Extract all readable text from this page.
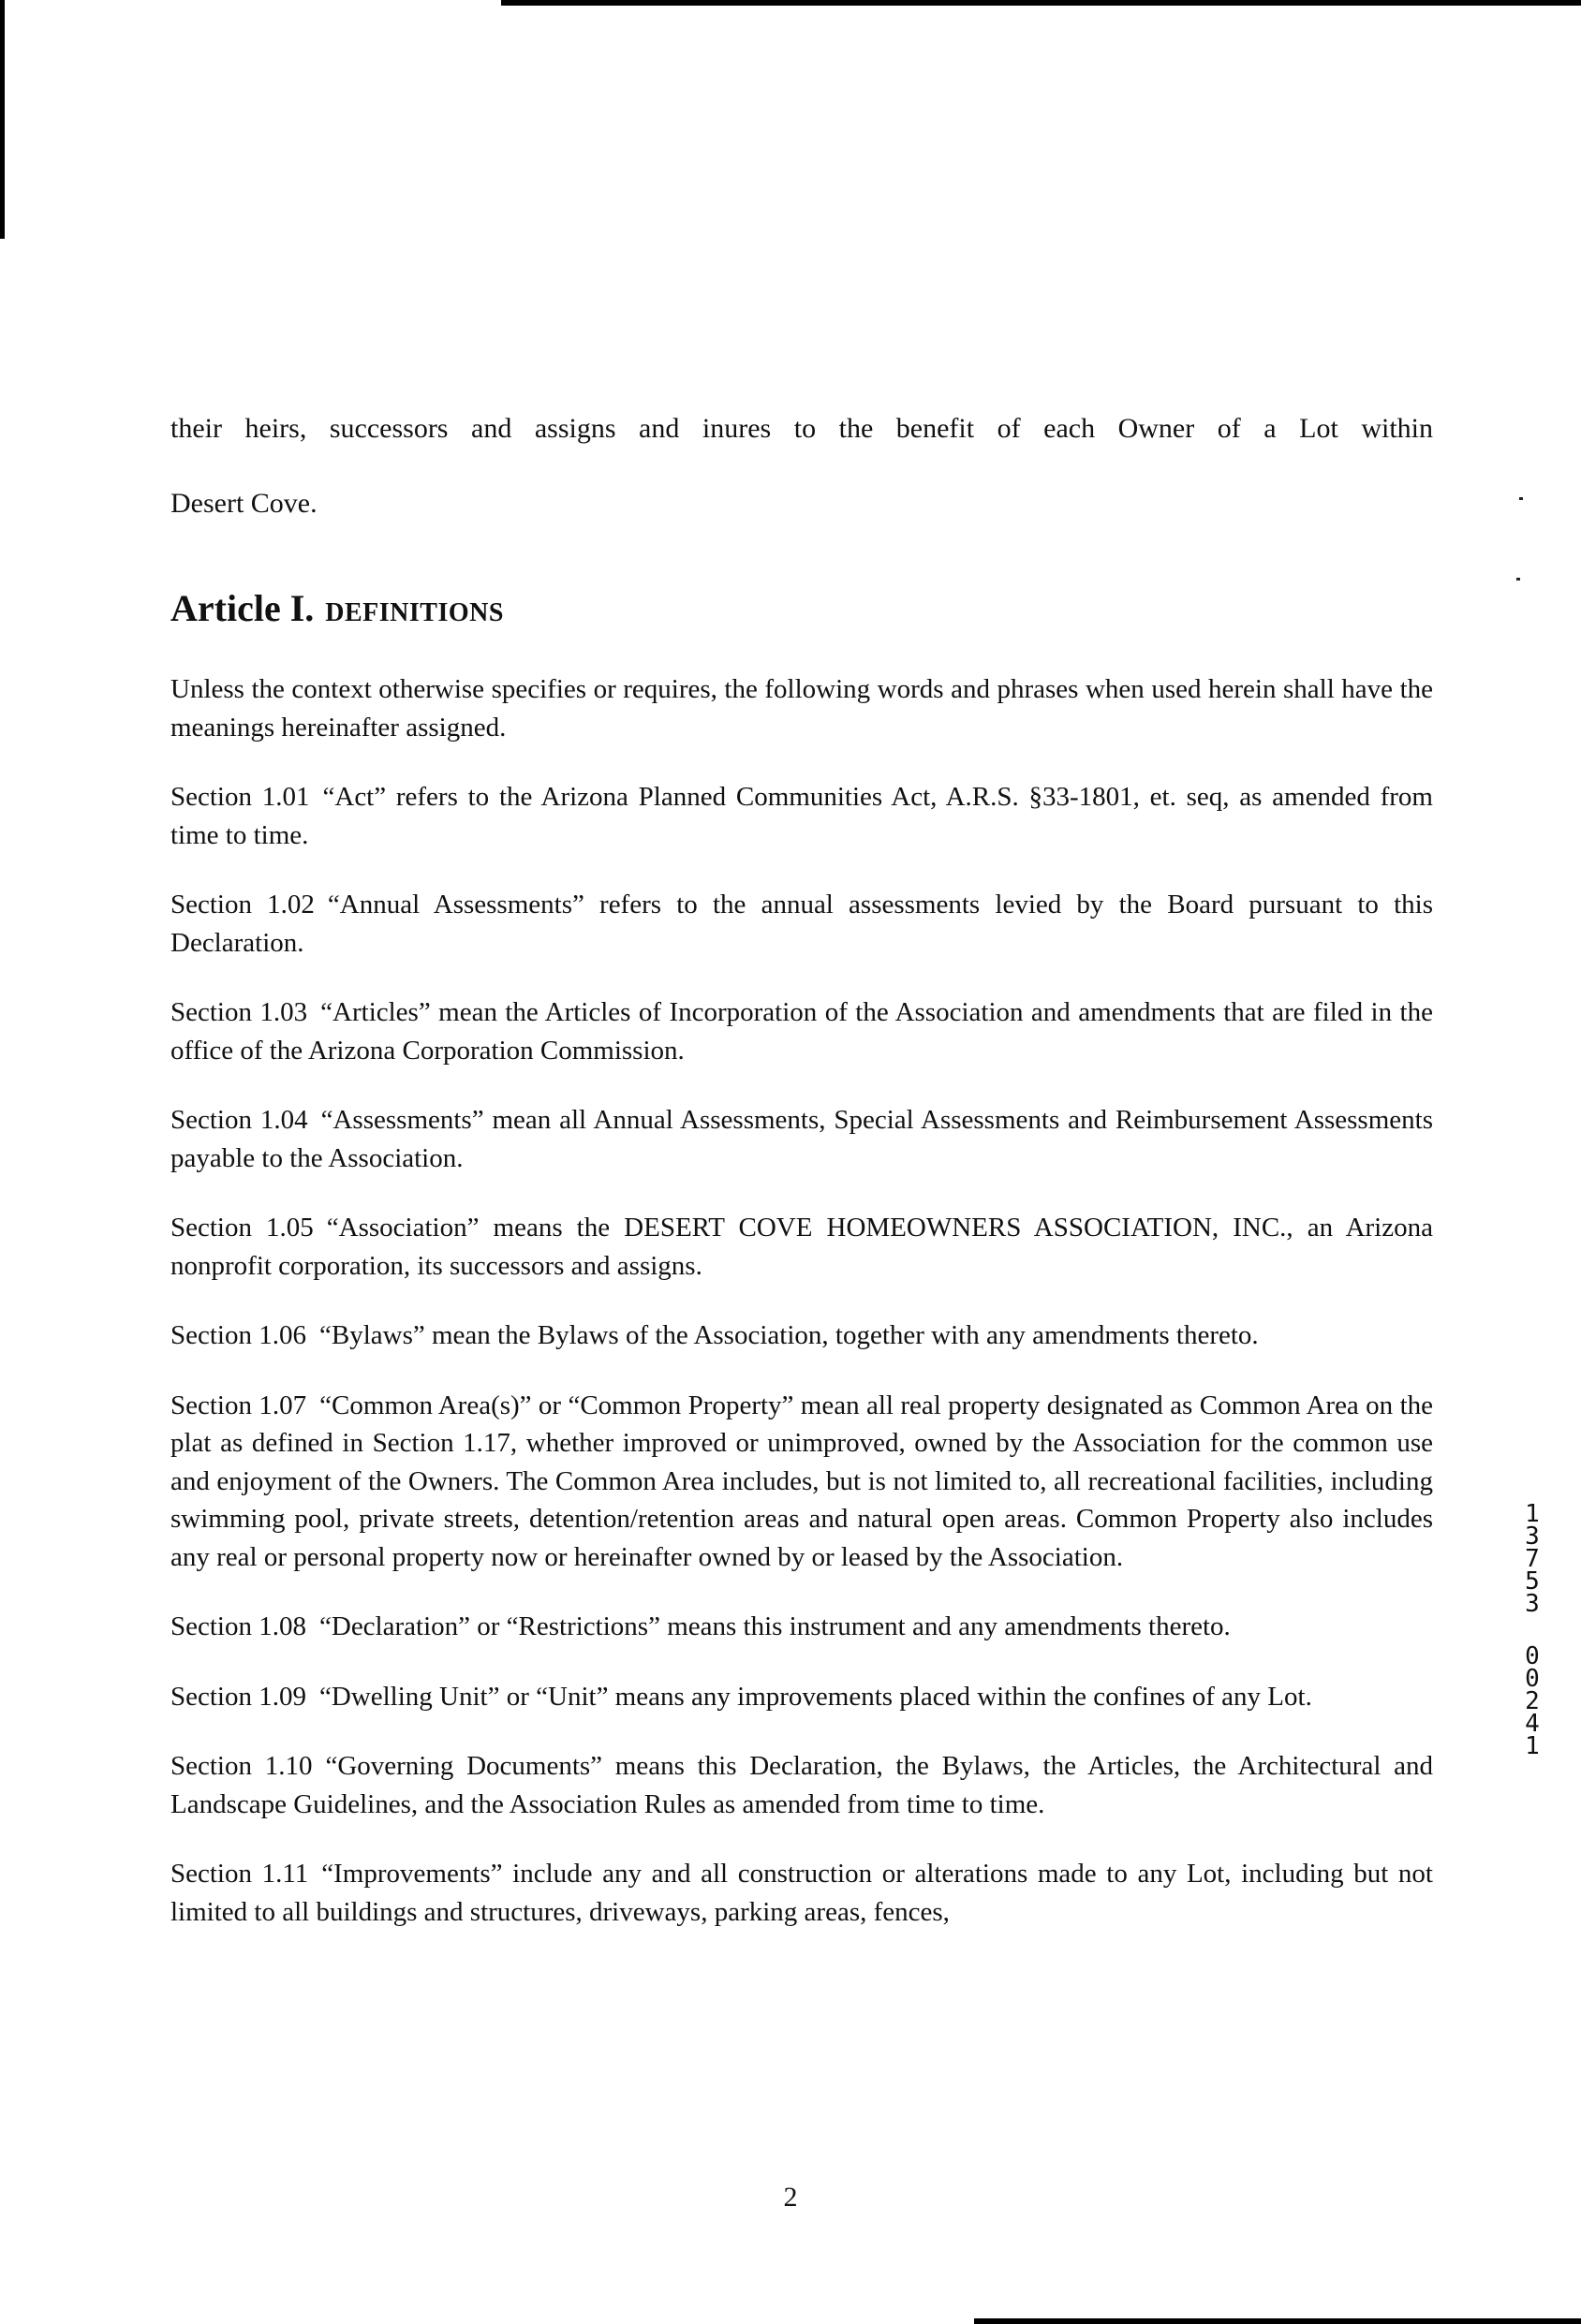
their heirs, successors and assigns and inures to the benefit of each Owner of a Lot within

Desert Cove.

Article I. DEFINITIONS

Unless the context otherwise specifies or requires, the following words and phrases when used herein shall have the meanings hereinafter assigned.

Section 1.01 “Act” refers to the Arizona Planned Communities Act, A.R.S. §33-1801, et. seq, as amended from time to time.

Section 1.02 “Annual Assessments” refers to the annual assessments levied by the Board pursuant to this Declaration.

Section 1.03 “Articles” mean the Articles of Incorporation of the Association and amendments that are filed in the office of the Arizona Corporation Commission.

Section 1.04 “Assessments” mean all Annual Assessments, Special Assessments and Reimbursement Assessments payable to the Association.

Section 1.05 “Association” means the DESERT COVE HOMEOWNERS ASSOCIATION, INC., an Arizona nonprofit corporation, its successors and assigns.

Section 1.06 “Bylaws” mean the Bylaws of the Association, together with any amendments thereto.

Section 1.07 “Common Area(s)” or “Common Property” mean all real property designated as Common Area on the plat as defined in Section 1.17, whether improved or unimproved, owned by the Association for the common use and enjoyment of the Owners. The Common Area includes, but is not limited to, all recreational facilities, including swimming pool, private streets, detention/retention areas and natural open areas. Common Property also includes any real or personal property now or hereinafter owned by or leased by the Association.

Section 1.08 “Declaration” or “Restrictions” means this instrument and any amendments thereto.

Section 1.09 “Dwelling Unit” or “Unit” means any improvements placed within the confines of any Lot.

Section 1.10 “Governing Documents” means this Declaration, the Bylaws, the Articles, the Architectural and Landscape Guidelines, and the Association Rules as amended from time to time.

Section 1.11 “Improvements” include any and all construction or alterations made to any Lot, including but not limited to all buildings and structures, driveways, parking areas, fences,

2
13753
00241
